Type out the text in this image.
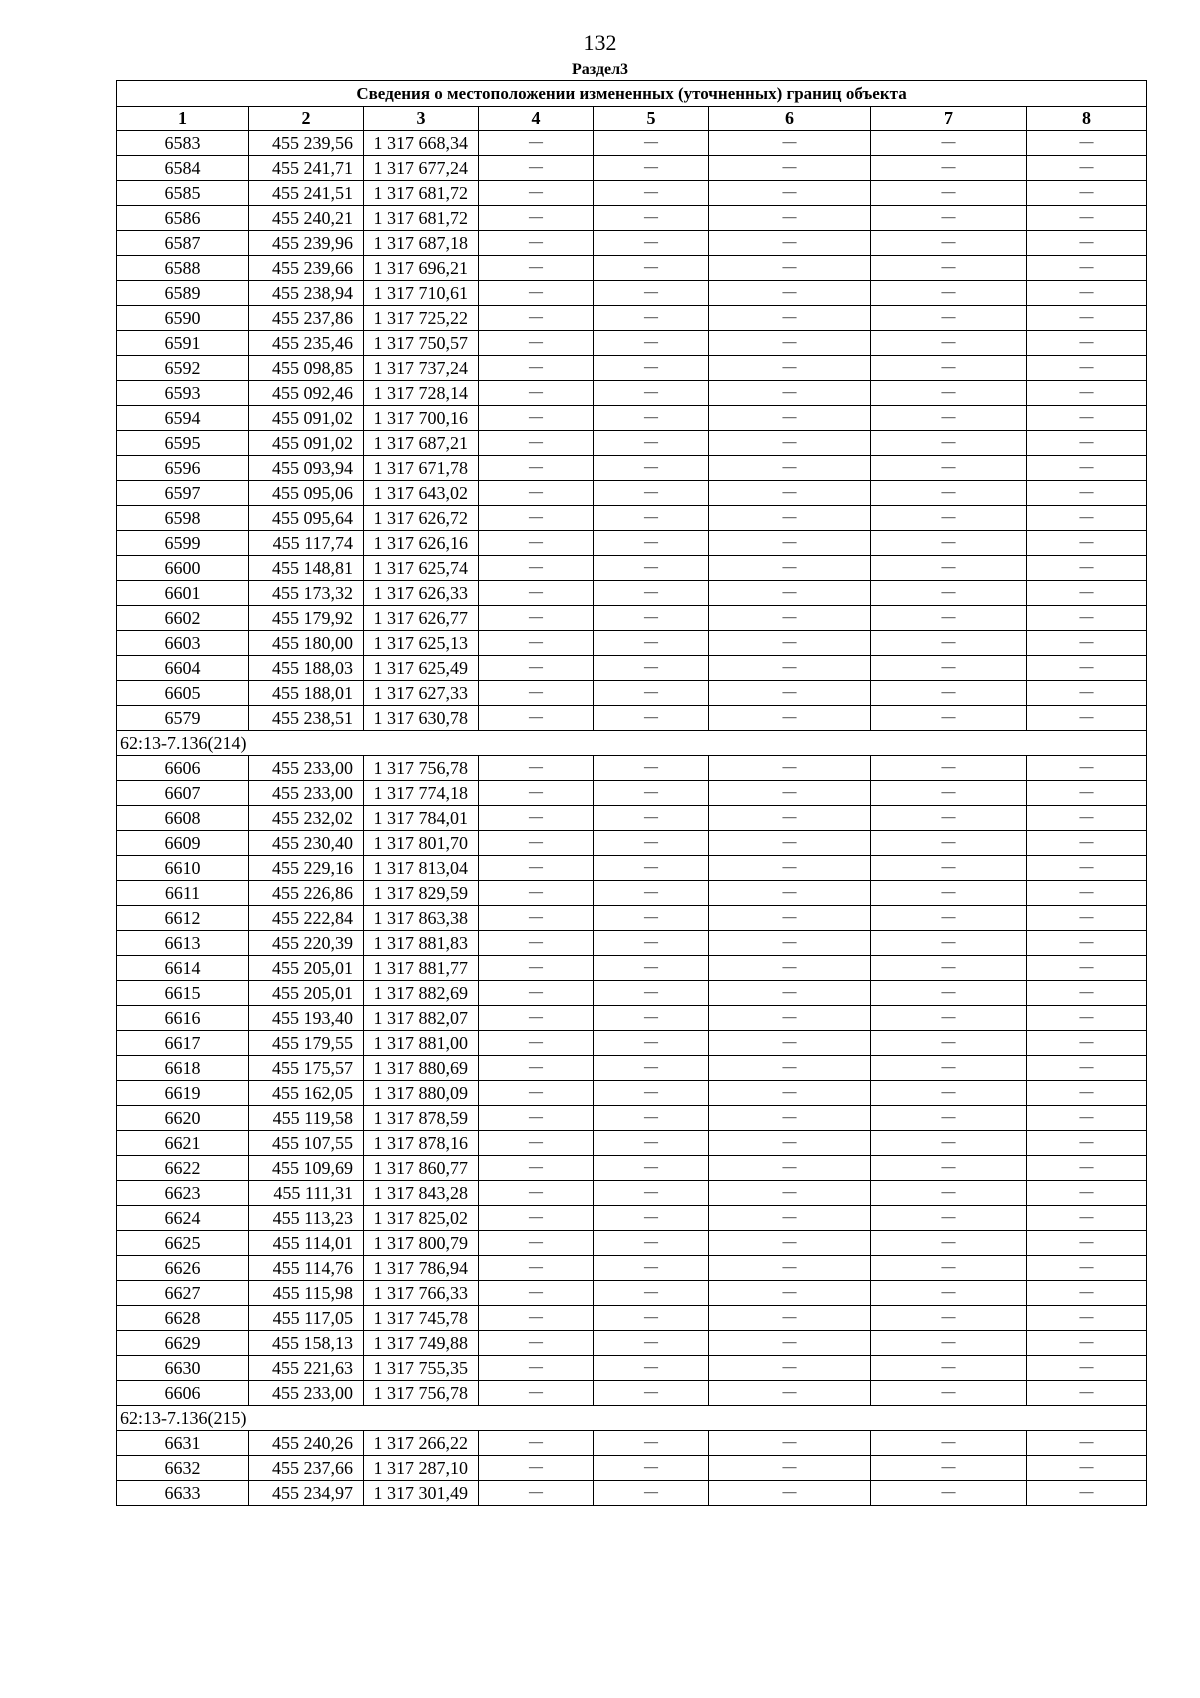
132
Раздел3
Сведения о местоположении измененных (уточненных) границ объекта							
1	2	3	4	5	6	7	8
6583	455 239,56	1 317 668,34	—	—	—	—	—
6584	455 241,71	1 317 677,24	—	—	—	—	—
6585	455 241,51	1 317 681,72	—	—	—	—	—
6586	455 240,21	1 317 681,72	—	—	—	—	—
6587	455 239,96	1 317 687,18	—	—	—	—	—
6588	455 239,66	1 317 696,21	—	—	—	—	—
6589	455 238,94	1 317 710,61	—	—	—	—	—
6590	455 237,86	1 317 725,22	—	—	—	—	—
6591	455 235,46	1 317 750,57	—	—	—	—	—
6592	455 098,85	1 317 737,24	—	—	—	—	—
6593	455 092,46	1 317 728,14	—	—	—	—	—
6594	455 091,02	1 317 700,16	—	—	—	—	—
6595	455 091,02	1 317 687,21	—	—	—	—	—
6596	455 093,94	1 317 671,78	—	—	—	—	—
6597	455 095,06	1 317 643,02	—	—	—	—	—
6598	455 095,64	1 317 626,72	—	—	—	—	—
6599	455 117,74	1 317 626,16	—	—	—	—	—
6600	455 148,81	1 317 625,74	—	—	—	—	—
6601	455 173,32	1 317 626,33	—	—	—	—	—
6602	455 179,92	1 317 626,77	—	—	—	—	—
6603	455 180,00	1 317 625,13	—	—	—	—	—
6604	455 188,03	1 317 625,49	—	—	—	—	—
6605	455 188,01	1 317 627,33	—	—	—	—	—
6579	455 238,51	1 317 630,78	—	—	—	—	—
62:13-7.136(214)							
6606	455 233,00	1 317 756,78	—	—	—	—	—
6607	455 233,00	1 317 774,18	—	—	—	—	—
6608	455 232,02	1 317 784,01	—	—	—	—	—
6609	455 230,40	1 317 801,70	—	—	—	—	—
6610	455 229,16	1 317 813,04	—	—	—	—	—
6611	455 226,86	1 317 829,59	—	—	—	—	—
6612	455 222,84	1 317 863,38	—	—	—	—	—
6613	455 220,39	1 317 881,83	—	—	—	—	—
6614	455 205,01	1 317 881,77	—	—	—	—	—
6615	455 205,01	1 317 882,69	—	—	—	—	—
6616	455 193,40	1 317 882,07	—	—	—	—	—
6617	455 179,55	1 317 881,00	—	—	—	—	—
6618	455 175,57	1 317 880,69	—	—	—	—	—
6619	455 162,05	1 317 880,09	—	—	—	—	—
6620	455 119,58	1 317 878,59	—	—	—	—	—
6621	455 107,55	1 317 878,16	—	—	—	—	—
6622	455 109,69	1 317 860,77	—	—	—	—	—
6623	455 111,31	1 317 843,28	—	—	—	—	—
6624	455 113,23	1 317 825,02	—	—	—	—	—
6625	455 114,01	1 317 800,79	—	—	—	—	—
6626	455 114,76	1 317 786,94	—	—	—	—	—
6627	455 115,98	1 317 766,33	—	—	—	—	—
6628	455 117,05	1 317 745,78	—	—	—	—	—
6629	455 158,13	1 317 749,88	—	—	—	—	—
6630	455 221,63	1 317 755,35	—	—	—	—	—
6606	455 233,00	1 317 756,78	—	—	—	—	—
62:13-7.136(215)							
6631	455 240,26	1 317 266,22	—	—	—	—	—
6632	455 237,66	1 317 287,10	—	—	—	—	—
6633	455 234,97	1 317 301,49	—	—	—	—	—
